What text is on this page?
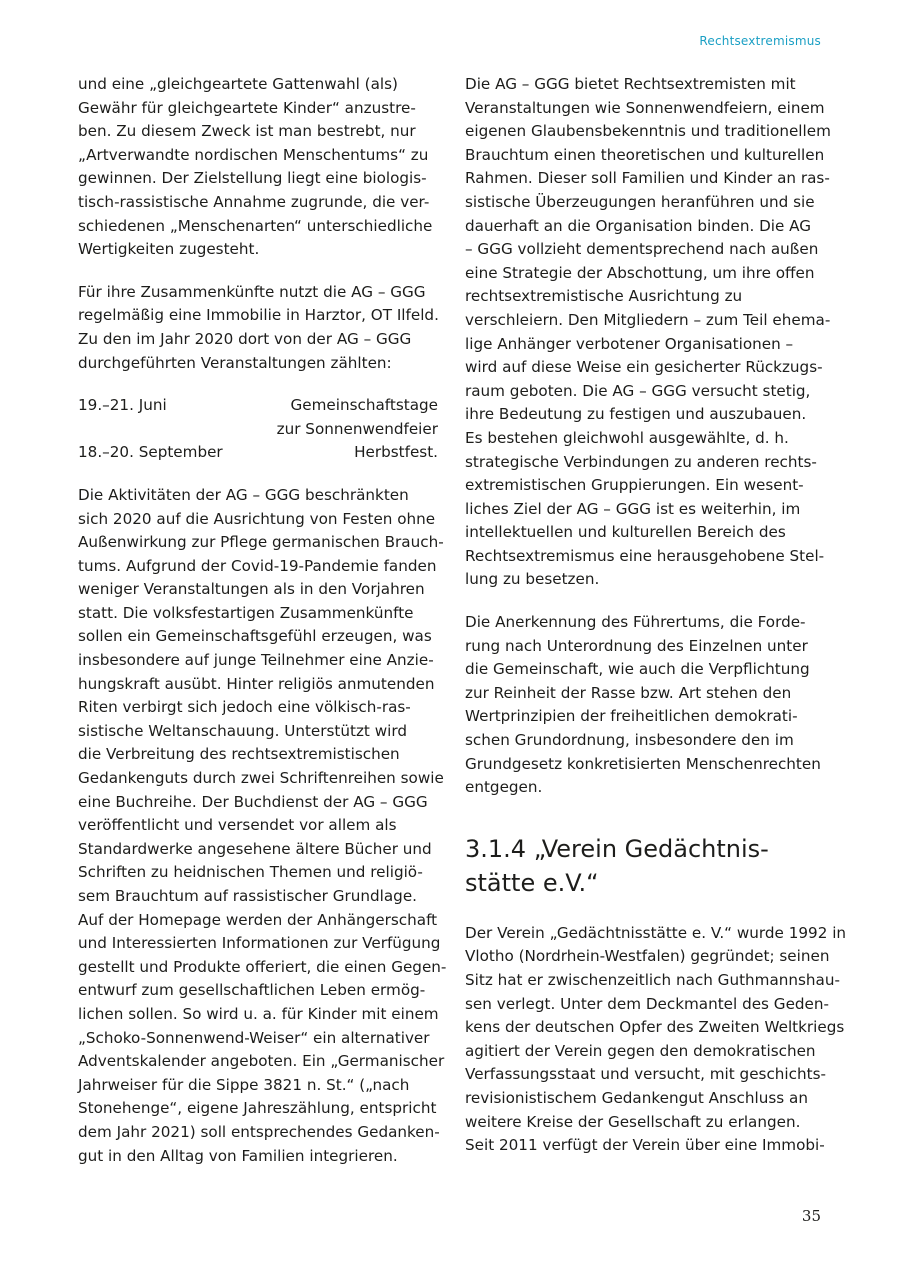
Rechtsextremismus
und eine „gleichgeartete Gattenwahl (als)
Gewähr für gleichgeartete Kinder“ anzustre-
ben. Zu diesem Zweck ist man bestrebt, nur
„Artverwandte nordischen Menschentums“ zu
gewinnen. Der Zielstellung liegt eine biologis-
tisch-rassistische Annahme zugrunde, die ver-
schiedenen „Menschenarten“ unterschiedliche
Wertigkeiten zugesteht.
Für ihre Zusammenkünfte nutzt die AG – GGG
regelmäßig eine Immobilie in Harztor, OT Ilfeld.
Zu den im Jahr 2020 dort von der AG – GGG
durchgeführten Veranstaltungen zählten:
19.–21. Juni	Gemeinschaftstage
zur Sonnenwendfeier
18.–20. September	Herbstfest.
Die Aktivitäten der AG – GGG beschränkten
sich 2020 auf die Ausrichtung von Festen ohne
Außenwirkung zur Pflege germanischen Brauch-
tums. Aufgrund der Covid-19-Pandemie fanden
weniger Veranstaltungen als in den Vorjahren
statt. Die volksfestartigen Zusammenkünfte
sollen ein Gemeinschaftsgefühl erzeugen, was
insbesondere auf junge Teilnehmer eine Anzie-
hungskraft ausübt. Hinter religiös anmutenden
Riten verbirgt sich jedoch eine völkisch-ras-
sistische Weltanschauung. Unterstützt wird
die Verbreitung des rechtsextremistischen
Gedankenguts durch zwei Schriftenreihen sowie
eine Buchreihe. Der Buchdienst der AG – GGG
veröffentlicht und versendet vor allem als
Standardwerke angesehene ältere Bücher und
Schriften zu heidnischen Themen und religiö-
sem Brauchtum auf rassistischer Grundlage.
Auf der Homepage werden der Anhängerschaft
und Interessierten Informationen zur Verfügung
gestellt und Produkte offeriert, die einen Gegen-
entwurf zum gesellschaftlichen Leben ermög-
lichen sollen. So wird u. a. für Kinder mit einem
„Schoko-Sonnenwend-Weiser“ ein alternativer
Adventskalender angeboten. Ein „Germanischer
Jahrweiser für die Sippe 3821 n. St.“ („nach
Stonehenge“, eigene Jahreszählung, entspricht
dem Jahr 2021) soll entsprechendes Gedanken-
gut in den Alltag von Familien integrieren.
Die AG – GGG bietet Rechtsextremisten mit
Veranstaltungen wie Sonnenwendfeiern, einem
eigenen Glaubensbekenntnis und traditionellem
Brauchtum einen theoretischen und kulturellen
Rahmen. Dieser soll Familien und Kinder an ras-
sistische Überzeugungen heranführen und sie
dauerhaft an die Organisation binden. Die AG
– GGG vollzieht dementsprechend nach außen
eine Strategie der Abschottung, um ihre offen
rechtsextremistische Ausrichtung zu
verschleiern. Den Mitgliedern – zum Teil ehema-
lige Anhänger verbotener Organisationen –
wird auf diese Weise ein gesicherter Rückzugs-
raum geboten. Die AG – GGG versucht stetig,
ihre Bedeutung zu festigen und auszubauen.
Es bestehen gleichwohl ausgewählte, d. h.
strategische Verbindungen zu anderen rechts-
extremistischen Gruppierungen. Ein wesent-
liches Ziel der AG – GGG ist es weiterhin, im
intellektuellen und kulturellen Bereich des
Rechtsextremismus eine herausgehobene Stel-
lung zu besetzen.
Die Anerkennung des Führertums, die Forde-
rung nach Unterordnung des Einzelnen unter
die Gemeinschaft, wie auch die Verpflichtung
zur Reinheit der Rasse bzw. Art stehen den
Wertprinzipien der freiheitlichen demokrati-
schen Grundordnung, insbesondere den im
Grundgesetz konkretisierten Menschenrechten
entgegen.
3.1.4 „Verein Gedächtnis-
stätte e.V.“
Der Verein „Gedächtnisstätte e. V.“ wurde 1992 in
Vlotho (Nordrhein-Westfalen) gegründet; seinen
Sitz hat er zwischenzeitlich nach Guthmannshau-
sen verlegt. Unter dem Deckmantel des Geden-
kens der deutschen Opfer des Zweiten Weltkriegs
agitiert der Verein gegen den demokratischen
Verfassungsstaat und versucht, mit geschichts-
revisionistischem Gedankengut Anschluss an
weitere Kreise der Gesellschaft zu erlangen.
Seit 2011 verfügt der Verein über eine Immobi-
35
